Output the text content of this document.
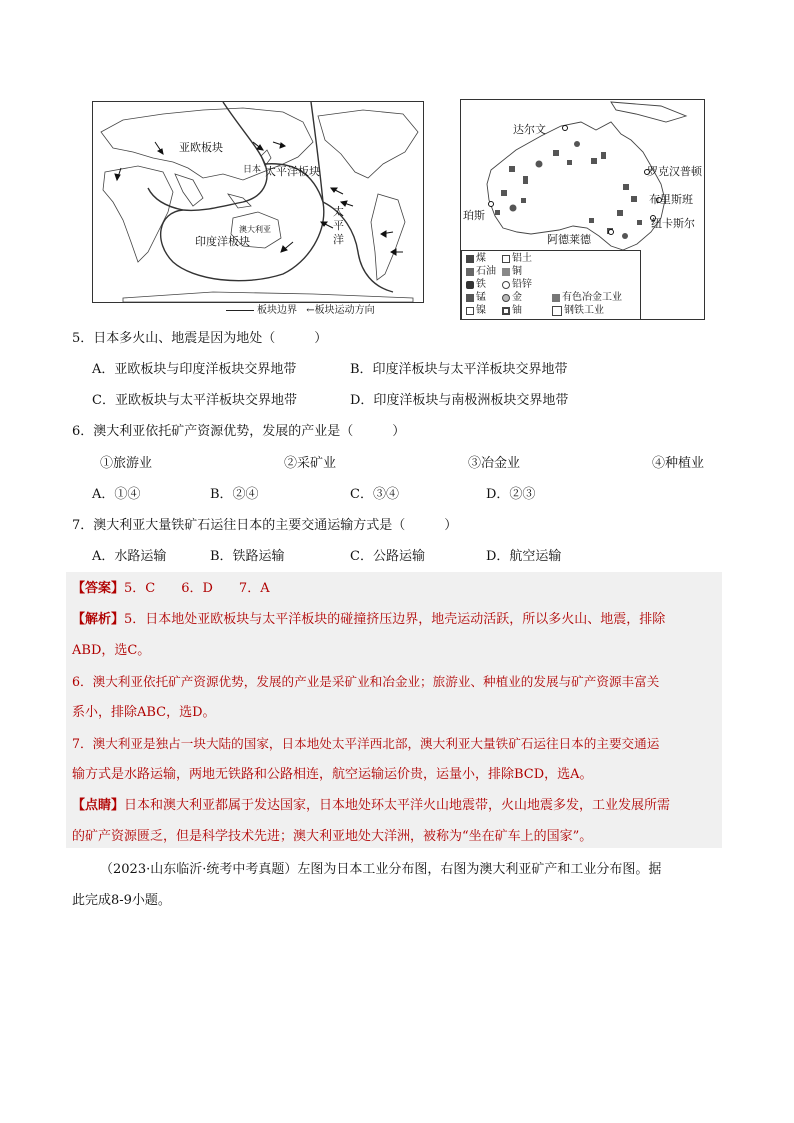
亚欧板块
太平洋板块
日本
太
平
洋
澳大利亚
印度洋板块
板块边界 ←板块运动方向
达尔文
罗克汉普顿
布里斯班
纽卡斯尔
珀斯
阿德莱德
煤	铝土
石油	铜
铁	铅锌
锰	金
镍	铀
有色冶金工业
钢铁工业
5．日本多火山、地震是因为地处（　　　）
A．亚欧板块与印度洋板块交界地带	B．印度洋板块与太平洋板块交界地带
C．亚欧板块与太平洋板块交界地带	D．印度洋板块与南极洲板块交界地带
6．澳大利亚依托矿产资源优势，发展的产业是（　　　）
①旅游业	②采矿业	③冶金业	④种植业
A．①④	B．②④	C．③④	D．②③
7．澳大利亚大量铁矿石运往日本的主要交通运输方式是（　　　）
A．水路运输	B．铁路运输	C．公路运输	D．航空运输
【答案】5．C　　6．D　　7．A
【解析】5．日本地处亚欧板块与太平洋板块的碰撞挤压边界，地壳运动活跃，所以多火山、地震，排除
ABD，选C。
6．澳大利亚依托矿产资源优势，发展的产业是采矿业和冶金业；旅游业、种植业的发展与矿产资源丰富关
系小，排除ABC，选D。
7．澳大利亚是独占一块大陆的国家，日本地处太平洋西北部，澳大利亚大量铁矿石运往日本的主要交通运
输方式是水路运输，两地无铁路和公路相连，航空运输运价贵，运量小，排除BCD，选A。
【点睛】日本和澳大利亚都属于发达国家，日本地处环太平洋火山地震带，火山地震多发，工业发展所需
的矿产资源匮乏，但是科学技术先进；澳大利亚地处大洋洲，被称为“坐在矿车上的国家”。
（2023·山东临沂·统考中考真题）左图为日本工业分布图，右图为澳大利亚矿产和工业分布图。据
此完成8-9小题。
